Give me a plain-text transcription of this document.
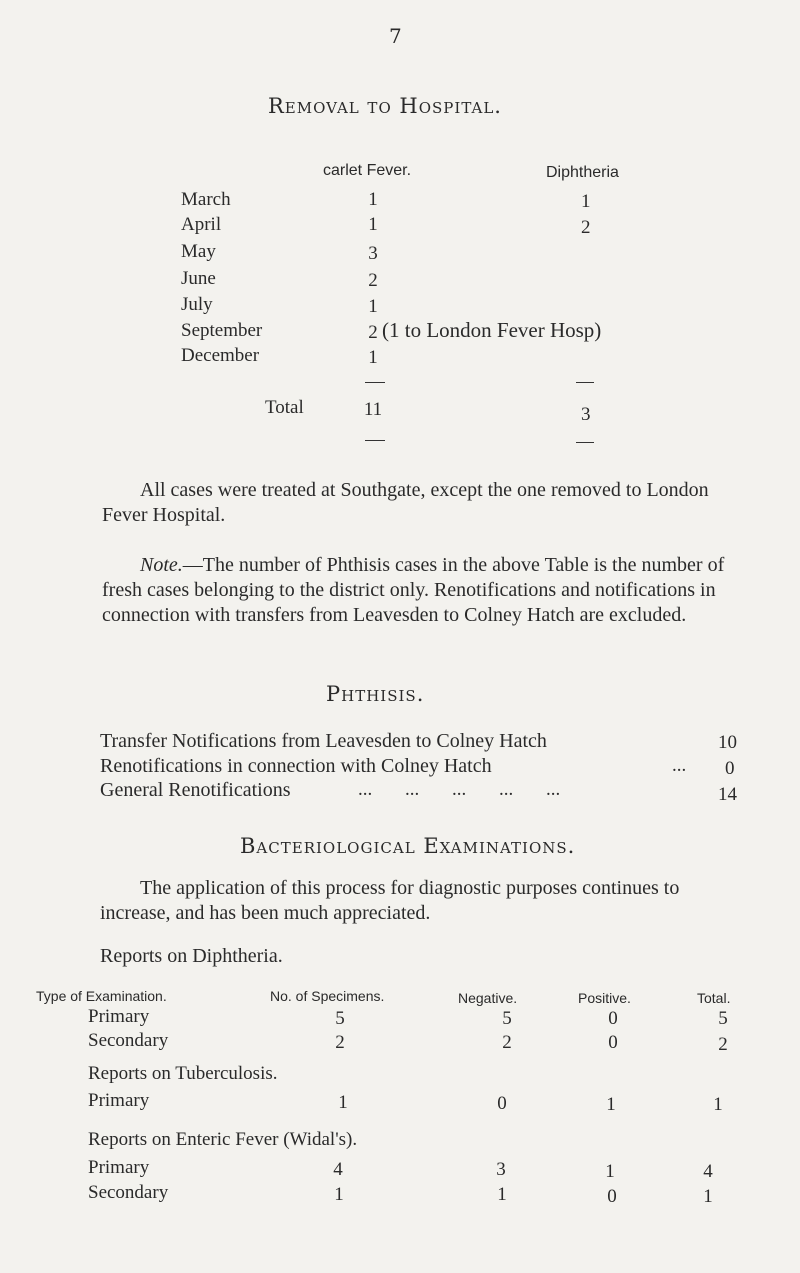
7
Removal to Hospital.
carlet Fever.	Diphtheria
March	1	1
April	1	2
May	3
June	2
July	1
September	2 (1 to London Fever Hosp)
December	1
Total	11	3
All cases were treated at Southgate, except the one removed to London Fever Hospital.
Note.—The number of Phthisis cases in the above Table is the number of fresh cases belonging to the district only. Renotifications and notifications in connection with transfers from Leavesden to Colney Hatch are excluded.
Phthisis.
Transfer Notifications from Leavesden to Colney Hatch	10
Renotifications in connection with Colney Hatch	... 0
General Renotifications	... ... ... ... ...	14
Bacteriological Examinations.
The application of this process for diagnostic purposes continues to increase, and has been much appreciated.
Reports on Diphtheria.
Type of Examination.	No. of Specimens.	Negative.	Positive.	Total.
Primary	5	5	0	5
Secondary	2	2	0	2
Reports on Tuberculosis.
Primary	1	0	1	1
Reports on Enteric Fever (Widal's).
Primary	4	3	1	4
Secondary	1	1	0	1
